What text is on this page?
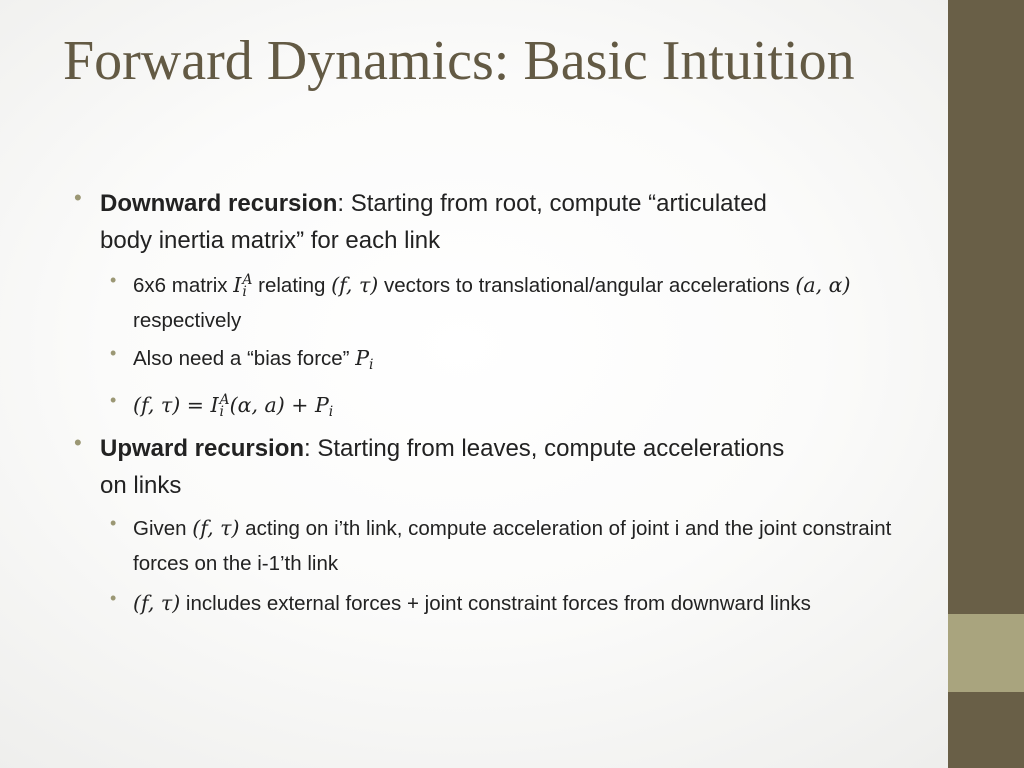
Forward Dynamics: Basic Intuition
• Downward recursion: Starting from root, compute “articulated body inertia matrix” for each link
• 6x6 matrix I A
i relating (f, τ) vectors to translational/angular accelerations (a, α) respectively
• Also need a “bias force” $P_i$
• (f, τ) = I A
i (α, $a) + P_i$
• Upward recursion: Starting from leaves, compute accelerations on links
• Given (f, τ) acting on i’th link, compute acceleration of joint i and the joint constraint forces on the i-1’th link
• (f, τ) includes external forces + joint constraint forces from downward links
